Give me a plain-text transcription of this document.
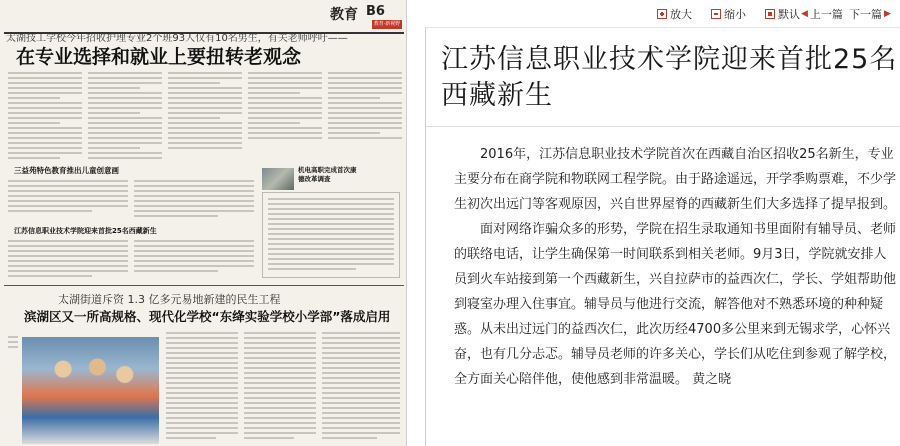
教育 B6
教育·新视野
太湖技工学校今年招收护理专业2个班93人仅有10名男生，有关老师呼吁——
在专业选择和就业上要扭转老观念
三益苑特色教育推出儿童创意画	机电高职完成首次康德改革调查
江苏信息职业技术学院迎来首批25名西藏新生
太湖街道斥资 1.3 亿多元易地新建的民生工程
滨湖区又一所高规格、现代化学校“东绛实验学校小学部”落成启用
放大	缩小	默认 ◀ 上一篇 下一篇 ▶
江苏信息职业技术学院迎来首批25名西藏新生

2016年，江苏信息职业技术学院首次在西藏自治区招收25名新生，专业主要分布在商学院和物联网工程学院。由于路途遥远，开学季购票难，不少学生初次出远门等客观原因，兴自世界屋脊的西藏新生们大多选择了提早报到。

面对网络诈骗众多的形势，学院在招生录取通知书里面附有辅导员、老师的联络电话，让学生确保第一时间联系到相关老师。9月3日，学院就安排人员到火车站接到第一个西藏新生，兴自拉萨市的益西次仁，学长、学姐帮助他到寝室办理入住事宜。辅导员与他进行交流，解答他对不熟悉环境的种种疑惑。从未出过远门的益西次仁，此次历经4700多公里来到无锡求学，心怀兴奋，也有几分忐忑。辅导员老师的许多关心，学长们从吃住到参观了解学校，全方面关心陪伴他，使他感到非常温暖。 黄之晓
